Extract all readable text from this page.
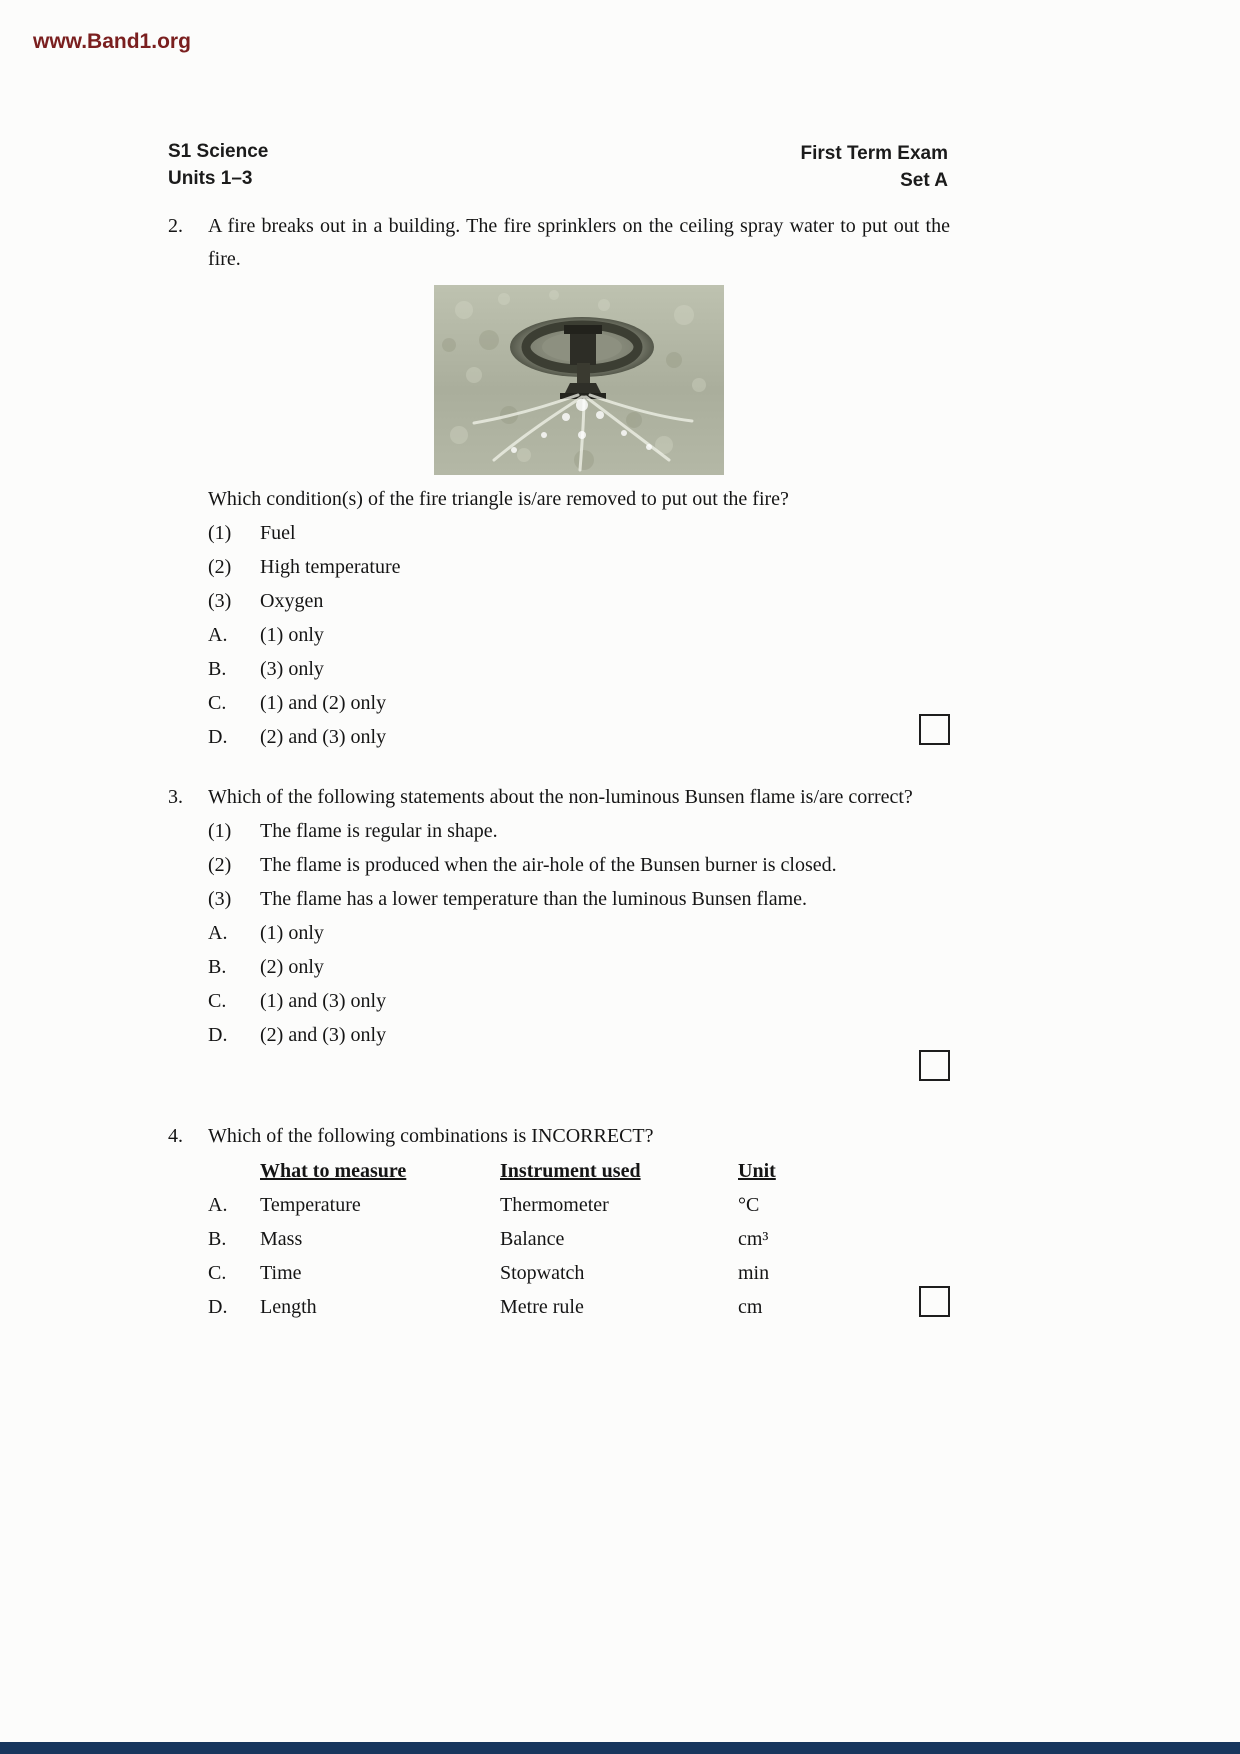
www.Band1.org
S1 Science
Units 1–3
First Term Exam
Set A
2.	A fire breaks out in a building. The fire sprinklers on the ceiling spray water to put out the fire.

Which condition(s) of the fire triangle is/are removed to put out the fire?

(1)	Fuel
(2)	High temperature
(3)	Oxygen
A.	(1) only
B.	(3) only
C.	(1) and (2) only
D.	(2) and (3) only
3.	Which of the following statements about the non-luminous Bunsen flame is/are correct?

(1)	The flame is regular in shape.
(2)	The flame is produced when the air-hole of the Bunsen burner is closed.
(3)	The flame has a lower temperature than the luminous Bunsen flame.
A.	(1) only
B.	(2) only
C.	(1) and (3) only
D.	(2) and (3) only
4.	Which of the following combinations is INCORRECT?

What to measure	Instrument used	Unit
A.	Temperature	Thermometer	°C
B.	Mass	Balance	cm³
C.	Time	Stopwatch	min
D.	Length	Metre rule	cm
